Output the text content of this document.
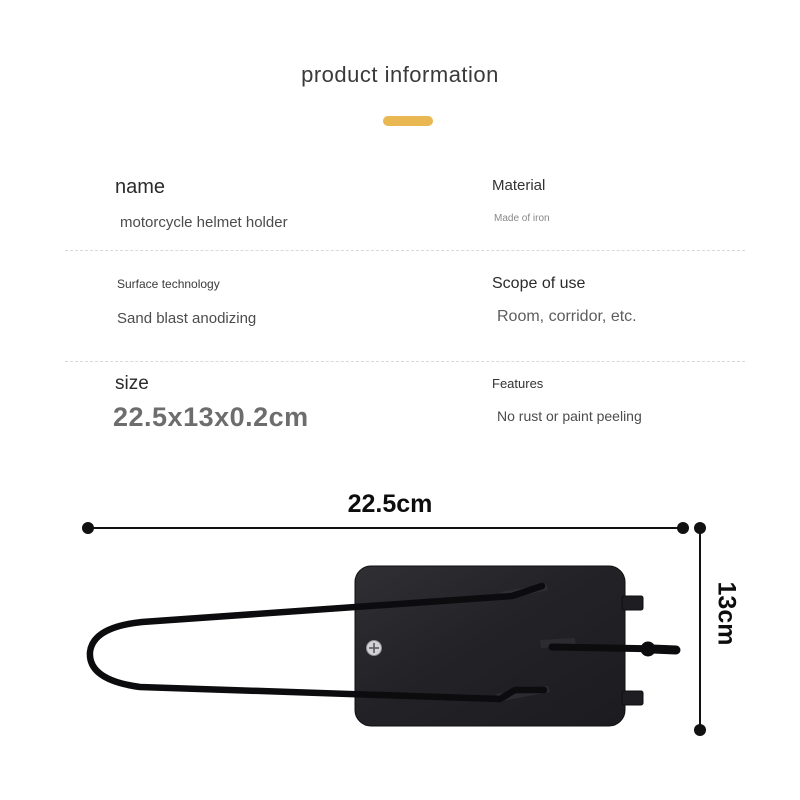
product information
name
motorcycle helmet holder
Material
Made of iron
Surface technology
Sand blast anodizing
Scope of use
Room, corridor, etc.
size
22.5x13x0.2cm
Features
No rust or paint peeling
22.5cm
13cm
